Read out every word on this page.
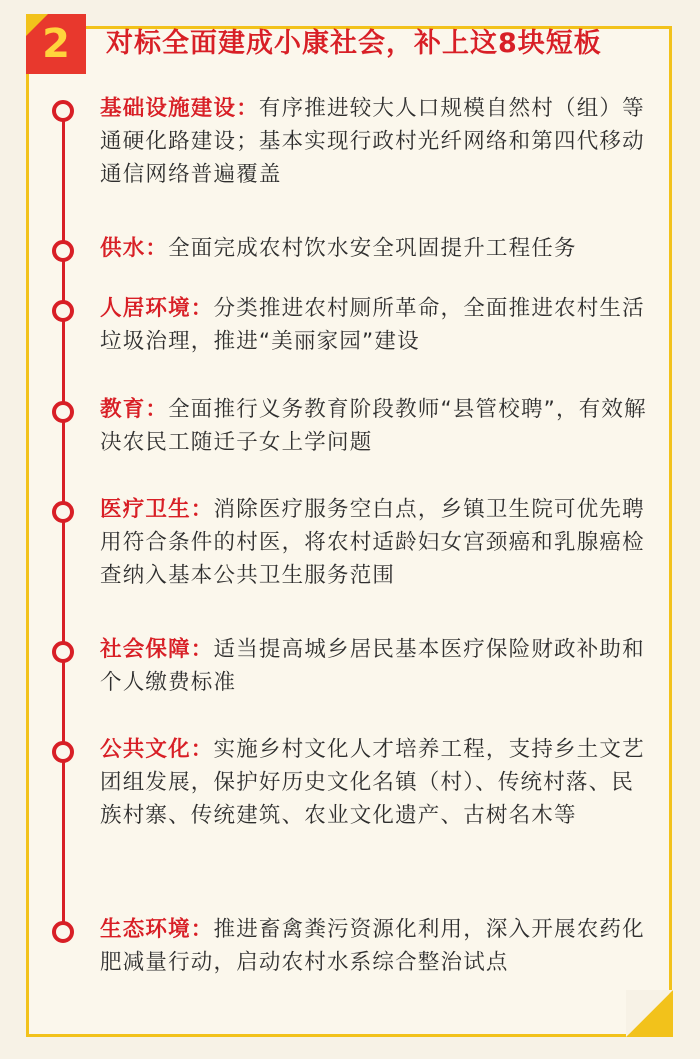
2	对标全面建成小康社会，补上这8块短板
基础设施建设：有序推进较大人口规模自然村（组）等通硬化路建设；基本实现行政村光纤网络和第四代移动通信网络普遍覆盖
供水：全面完成农村饮水安全巩固提升工程任务
人居环境：分类推进农村厕所革命，全面推进农村生活垃圾治理，推进“美丽家园”建设
教育：全面推行义务教育阶段教师“县管校聘”，有效解决农民工随迁子女上学问题
医疗卫生：消除医疗服务空白点，乡镇卫生院可优先聘用符合条件的村医，将农村适龄妇女宫颈癌和乳腺癌检查纳入基本公共卫生服务范围
社会保障：适当提高城乡居民基本医疗保险财政补助和个人缴费标准
公共文化：实施乡村文化人才培养工程，支持乡土文艺团组发展，保护好历史文化名镇（村）、传统村落、民族村寨、传统建筑、农业文化遗产、古树名木等
生态环境：推进畜禽粪污资源化利用，深入开展农药化肥减量行动，启动农村水系综合整治试点
